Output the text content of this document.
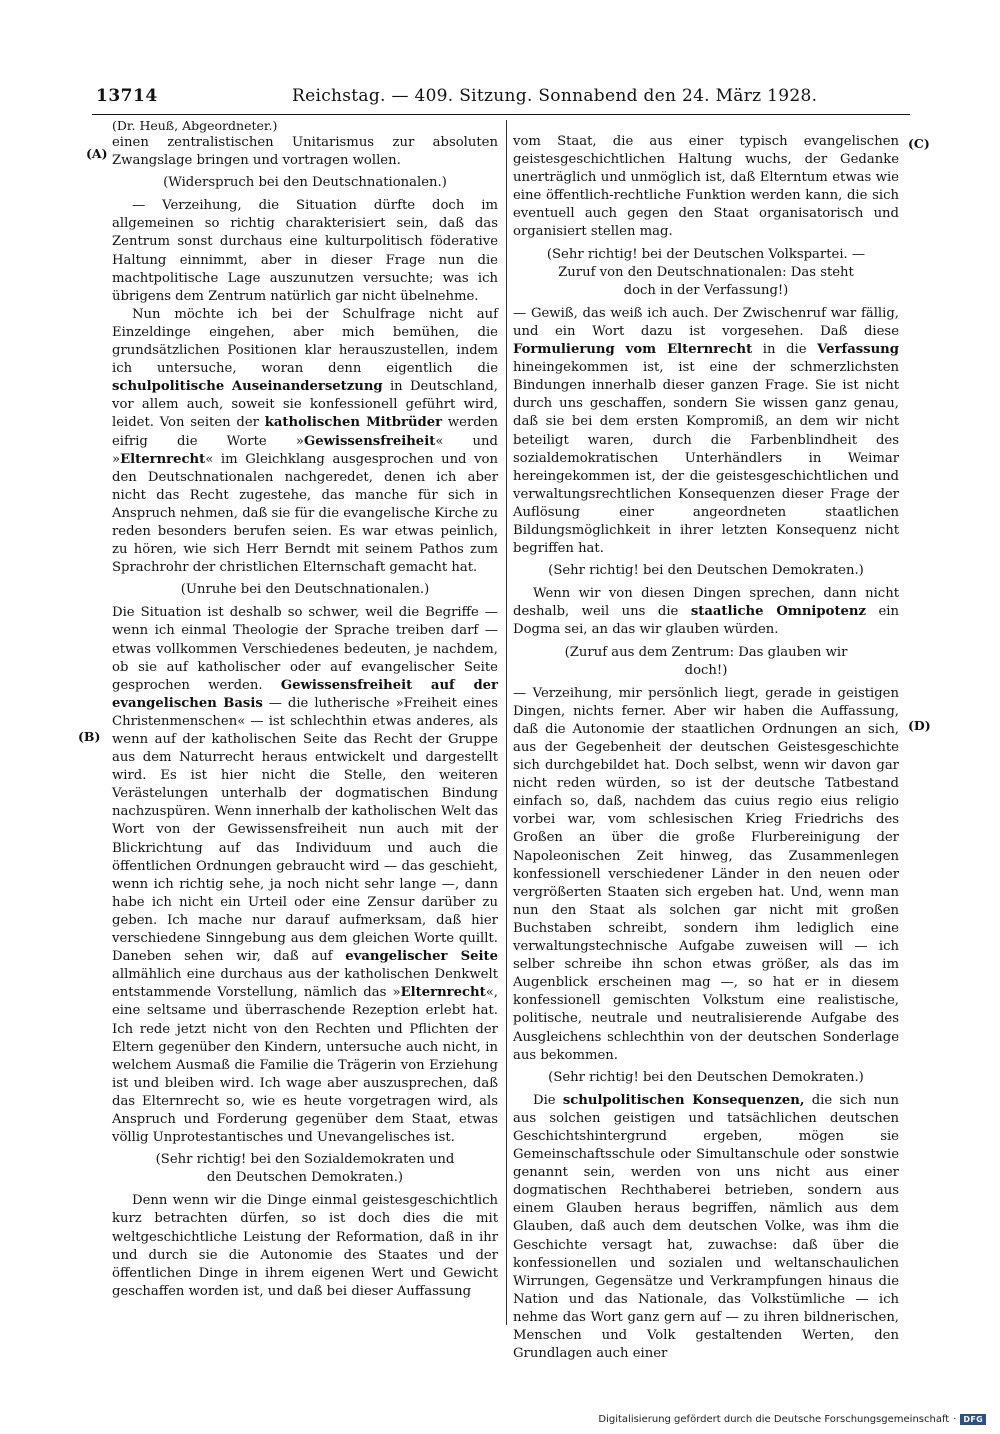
13714	Reichstag. — 409. Sitzung. Sonnabend den 24. März 1928.
(Dr. Heuß, Abgeordneter.)
(A)
(B)
(C)
(D)

einen zentralistischen Unitarismus zur absoluten Zwangslage bringen und vortragen wollen.

(Widerspruch bei den Deutschnationalen.)

— Verzeihung, die Situation dürfte doch im allgemeinen so richtig charakterisiert sein, daß das Zentrum sonst durchaus eine kulturpolitisch föderative Haltung einnimmt, aber in dieser Frage nun die machtpolitische Lage auszunutzen versuchte; was ich übrigens dem Zentrum natürlich gar nicht übelnehme.

Nun möchte ich bei der Schulfrage nicht auf Einzeldinge eingehen, aber mich bemühen, die grundsätzlichen Positionen klar herauszustellen, indem ich untersuche, woran denn eigentlich die schulpolitische Auseinandersetzung in Deutschland, vor allem auch, soweit sie konfessionell geführt wird, leidet. Von seiten der katholischen Mitbrüder werden eifrig die Worte »Gewissensfreiheit« und »Elternrecht« im Gleichklang ausgesprochen und von den Deutschnationalen nachgeredet, denen ich aber nicht das Recht zugestehe, das manche für sich in Anspruch nehmen, daß sie für die evangelische Kirche zu reden besonders berufen seien. Es war etwas peinlich, zu hören, wie sich Herr Berndt mit seinem Pathos zum Sprachrohr der christlichen Elternschaft gemacht hat.

(Unruhe bei den Deutschnationalen.)

Die Situation ist deshalb so schwer, weil die Begriffe — wenn ich einmal Theologie der Sprache treiben darf — etwas vollkommen Verschiedenes bedeuten, je nachdem, ob sie auf katholischer oder auf evangelischer Seite gesprochen werden. Gewissensfreiheit auf der evangelischen Basis — die lutherische »Freiheit eines Christenmenschen« — ist schlechthin etwas anderes, als wenn auf der katholischen Seite das Recht der Gruppe aus dem Naturrecht heraus entwickelt und dargestellt wird. Es ist hier nicht die Stelle, den weiteren Verästelungen unterhalb der dogmatischen Bindung nachzuspüren. Wenn innerhalb der katholischen Welt das Wort von der Gewissensfreiheit nun auch mit der Blickrichtung auf das Individuum und auch die öffentlichen Ordnungen gebraucht wird — das geschieht, wenn ich richtig sehe, ja noch nicht sehr lange —, dann habe ich nicht ein Urteil oder eine Zensur darüber zu geben. Ich mache nur darauf aufmerksam, daß hier verschiedene Sinngebung aus dem gleichen Worte quillt. Daneben sehen wir, daß auf evangelischer Seite allmählich eine durchaus aus der katholischen Denkwelt entstammende Vorstellung, nämlich das »Elternrecht«, eine seltsame und überraschende Rezeption erlebt hat. Ich rede jetzt nicht von den Rechten und Pflichten der Eltern gegenüber den Kindern, untersuche auch nicht, in welchem Ausmaß die Familie die Trägerin von Erziehung ist und bleiben wird. Ich wage aber auszusprechen, daß das Elternrecht so, wie es heute vorgetragen wird, als Anspruch und Forderung gegenüber dem Staat, etwas völlig Unprotestantisches und Unevangelisches ist.

(Sehr richtig! bei den Sozialdemokraten und den Deutschen Demokraten.)

Denn wenn wir die Dinge einmal geistesgeschichtlich kurz betrachten dürfen, so ist doch dies die mit weltgeschichtliche Leistung der Reformation, daß in ihr und durch sie die Autonomie des Staates und der öffentlichen Dinge in ihrem eigenen Wert und Gewicht geschaffen worden ist, und daß bei dieser Auffassung

vom Staat, die aus einer typisch evangelischen geistesgeschichtlichen Haltung wuchs, der Gedanke unerträglich und unmöglich ist, daß Elterntum etwas wie eine öffentlich-rechtliche Funktion werden kann, die sich eventuell auch gegen den Staat organisatorisch und organisiert stellen mag.

(Sehr richtig! bei der Deutschen Volkspartei. — Zuruf von den Deutschnationalen: Das steht doch in der Verfassung!)

— Gewiß, das weiß ich auch. Der Zwischenruf war fällig, und ein Wort dazu ist vorgesehen. Daß diese Formulierung vom Elternrecht in die Verfassung hineingekommen ist, ist eine der schmerzlichsten Bindungen innerhalb dieser ganzen Frage. Sie ist nicht durch uns geschaffen, sondern Sie wissen ganz genau, daß sie bei dem ersten Kompromiß, an dem wir nicht beteiligt waren, durch die Farbenblindheit des sozialdemokratischen Unterhändlers in Weimar hereingekommen ist, der die geistesgeschichtlichen und verwaltungsrechtlichen Konsequenzen dieser Frage der Auflösung einer angeordneten staatlichen Bildungsmöglichkeit in ihrer letzten Konsequenz nicht begriffen hat.

(Sehr richtig! bei den Deutschen Demokraten.)

Wenn wir von diesen Dingen sprechen, dann nicht deshalb, weil uns die staatliche Omnipotenz ein Dogma sei, an das wir glauben würden.

(Zuruf aus dem Zentrum: Das glauben wir doch!)

— Verzeihung, mir persönlich liegt, gerade in geistigen Dingen, nichts ferner. Aber wir haben die Auffassung, daß die Autonomie der staatlichen Ordnungen an sich, aus der Gegebenheit der deutschen Geistesgeschichte sich durchgebildet hat. Doch selbst, wenn wir davon gar nicht reden würden, so ist der deutsche Tatbestand einfach so, daß, nachdem das cuius regio eius religio vorbei war, vom schlesischen Krieg Friedrichs des Großen an über die große Flurbereinigung der Napoleonischen Zeit hinweg, das Zusammenlegen konfessionell verschiedener Länder in den neuen oder vergrößerten Staaten sich ergeben hat. Und, wenn man nun den Staat als solchen gar nicht mit großen Buchstaben schreibt, sondern ihm lediglich eine verwaltungstechnische Aufgabe zuweisen will — ich selber schreibe ihn schon etwas größer, als das im Augenblick erscheinen mag —, so hat er in diesem konfessionell gemischten Volkstum eine realistische, politische, neutrale und neutralisierende Aufgabe des Ausgleichens schlechthin von der deutschen Sonderlage aus bekommen.

(Sehr richtig! bei den Deutschen Demokraten.)

Die schulpolitischen Konsequenzen, die sich nun aus solchen geistigen und tatsächlichen deutschen Geschichtshintergrund ergeben, mögen sie Gemeinschaftsschule oder Simultanschule oder sonstwie genannt sein, werden von uns nicht aus einer dogmatischen Rechthaberei betrieben, sondern aus einem Glauben heraus begriffen, nämlich aus dem Glauben, daß auch dem deutschen Volke, was ihm die Geschichte versagt hat, zuwachse: daß über die konfessionellen und sozialen und weltanschaulichen Wirrungen, Gegensätze und Verkrampfungen hinaus die Nation und das Nationale, das Volkstümliche — ich nehme das Wort ganz gern auf — zu ihren bildnerischen, Menschen und Volk gestaltenden Werten, den Grundlagen auch einer

Digitalisierung gefördert durch die Deutsche Forschungsgemeinschaft · DFG
